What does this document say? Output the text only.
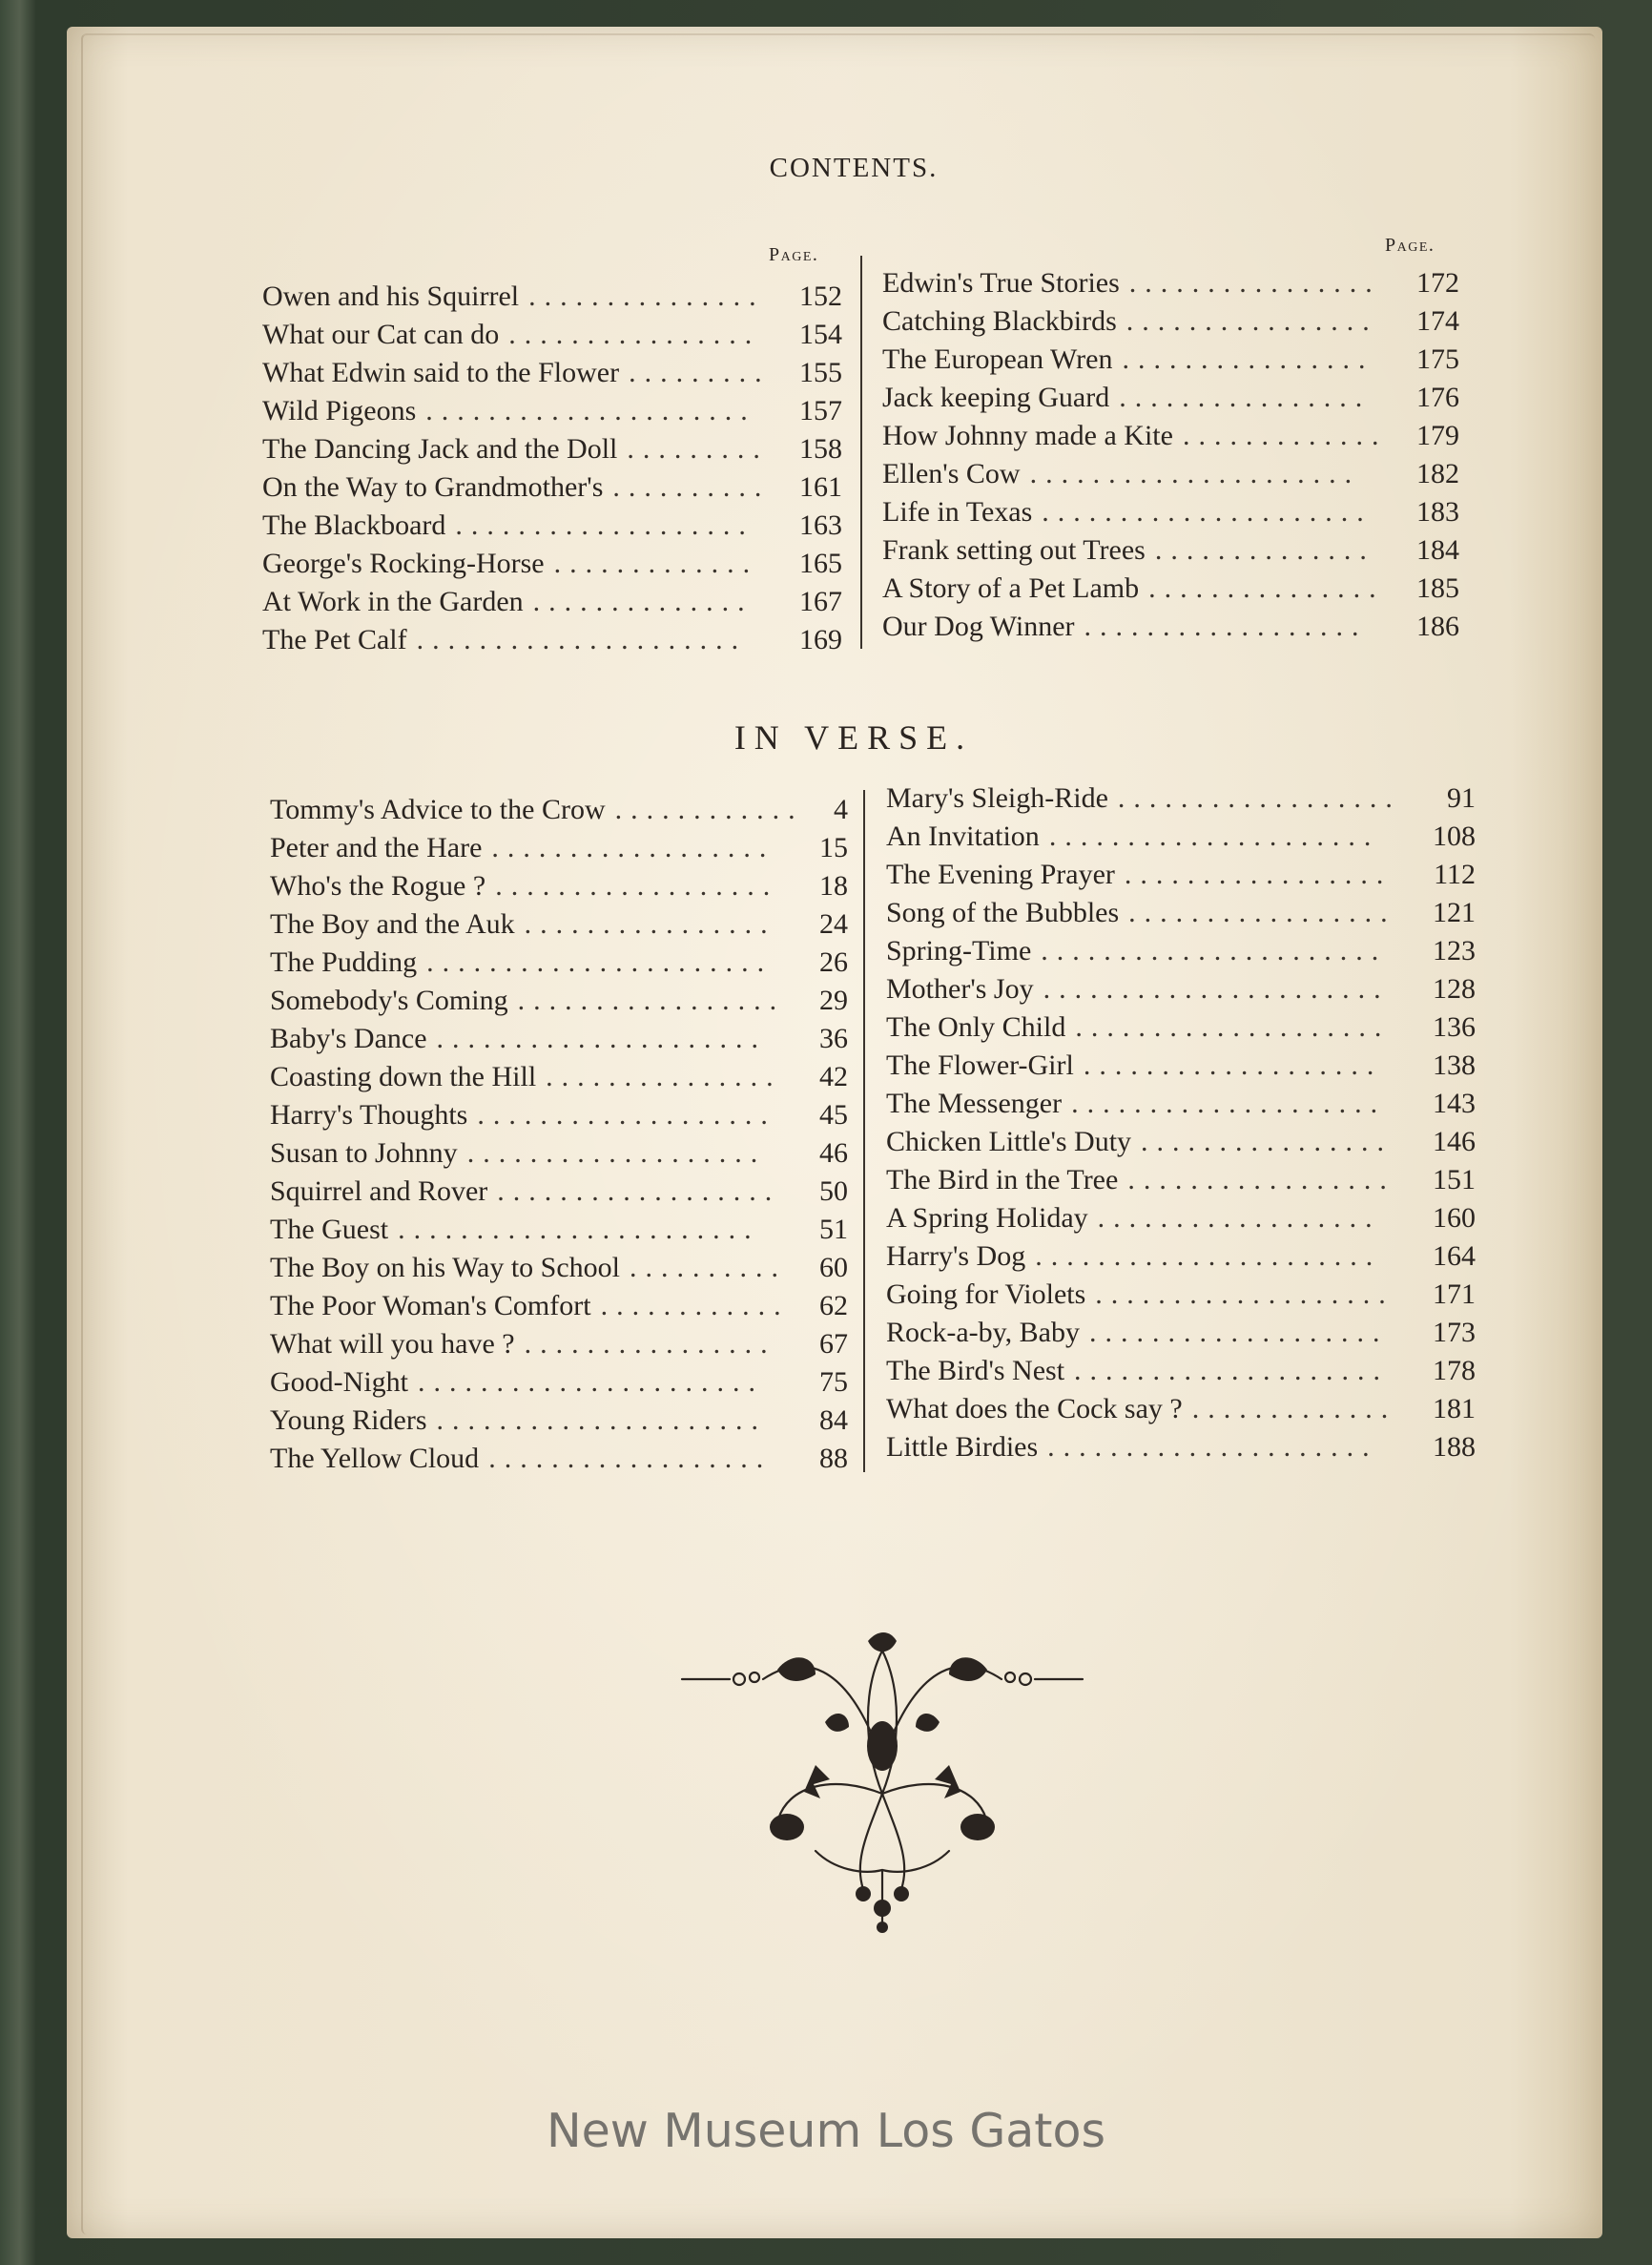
CONTENTS.
Page.	Page.
Owen and his Squirrel ...............	152
What our Cat can do ................	154
What Edwin said to the Flower .........	155
Wild Pigeons .....................	157
The Dancing Jack and the Doll .........	158
On the Way to Grandmother's ..........	161
The Blackboard ...................	163
George's Rocking-Horse .............	165
At Work in the Garden ..............	167
The Pet Calf .....................	169
Edwin's True Stories ................	172
Catching Blackbirds ................	174
The European Wren ................	175
Jack keeping Guard ................	176
How Johnny made a Kite .............	179
Ellen's Cow .....................	182
Life in Texas .....................	183
Frank setting out Trees ..............	184
A Story of a Pet Lamb ...............	185
Our Dog Winner ..................	186
IN VERSE.
Tommy's Advice to the Crow ............	4
Peter and the Hare ..................	15
Who's the Rogue ? ..................	18
The Boy and the Auk ................	24
The Pudding ......................	26
Somebody's Coming .................	29
Baby's Dance .....................	36
Coasting down the Hill ...............	42
Harry's Thoughts ...................	45
Susan to Johnny ...................	46
Squirrel and Rover ..................	50
The Guest .......................	51
The Boy on his Way to School ..........	60
The Poor Woman's Comfort ............	62
What will you have ? ................	67
Good-Night ......................	75
Young Riders .....................	84
The Yellow Cloud ..................	88
Mary's Sleigh-Ride ..................	91
An Invitation .....................	108
The Evening Prayer .................	112
Song of the Bubbles .................	121
Spring-Time ......................	123
Mother's Joy ......................	128
The Only Child ....................	136
The Flower-Girl ...................	138
The Messenger ....................	143
Chicken Little's Duty ................	146
The Bird in the Tree .................	151
A Spring Holiday ..................	160
Harry's Dog ......................	164
Going for Violets ...................	171
Rock-a-by, Baby ...................	173
The Bird's Nest ....................	178
What does the Cock say ? .............	181
Little Birdies .....................	188
New Museum Los Gatos
